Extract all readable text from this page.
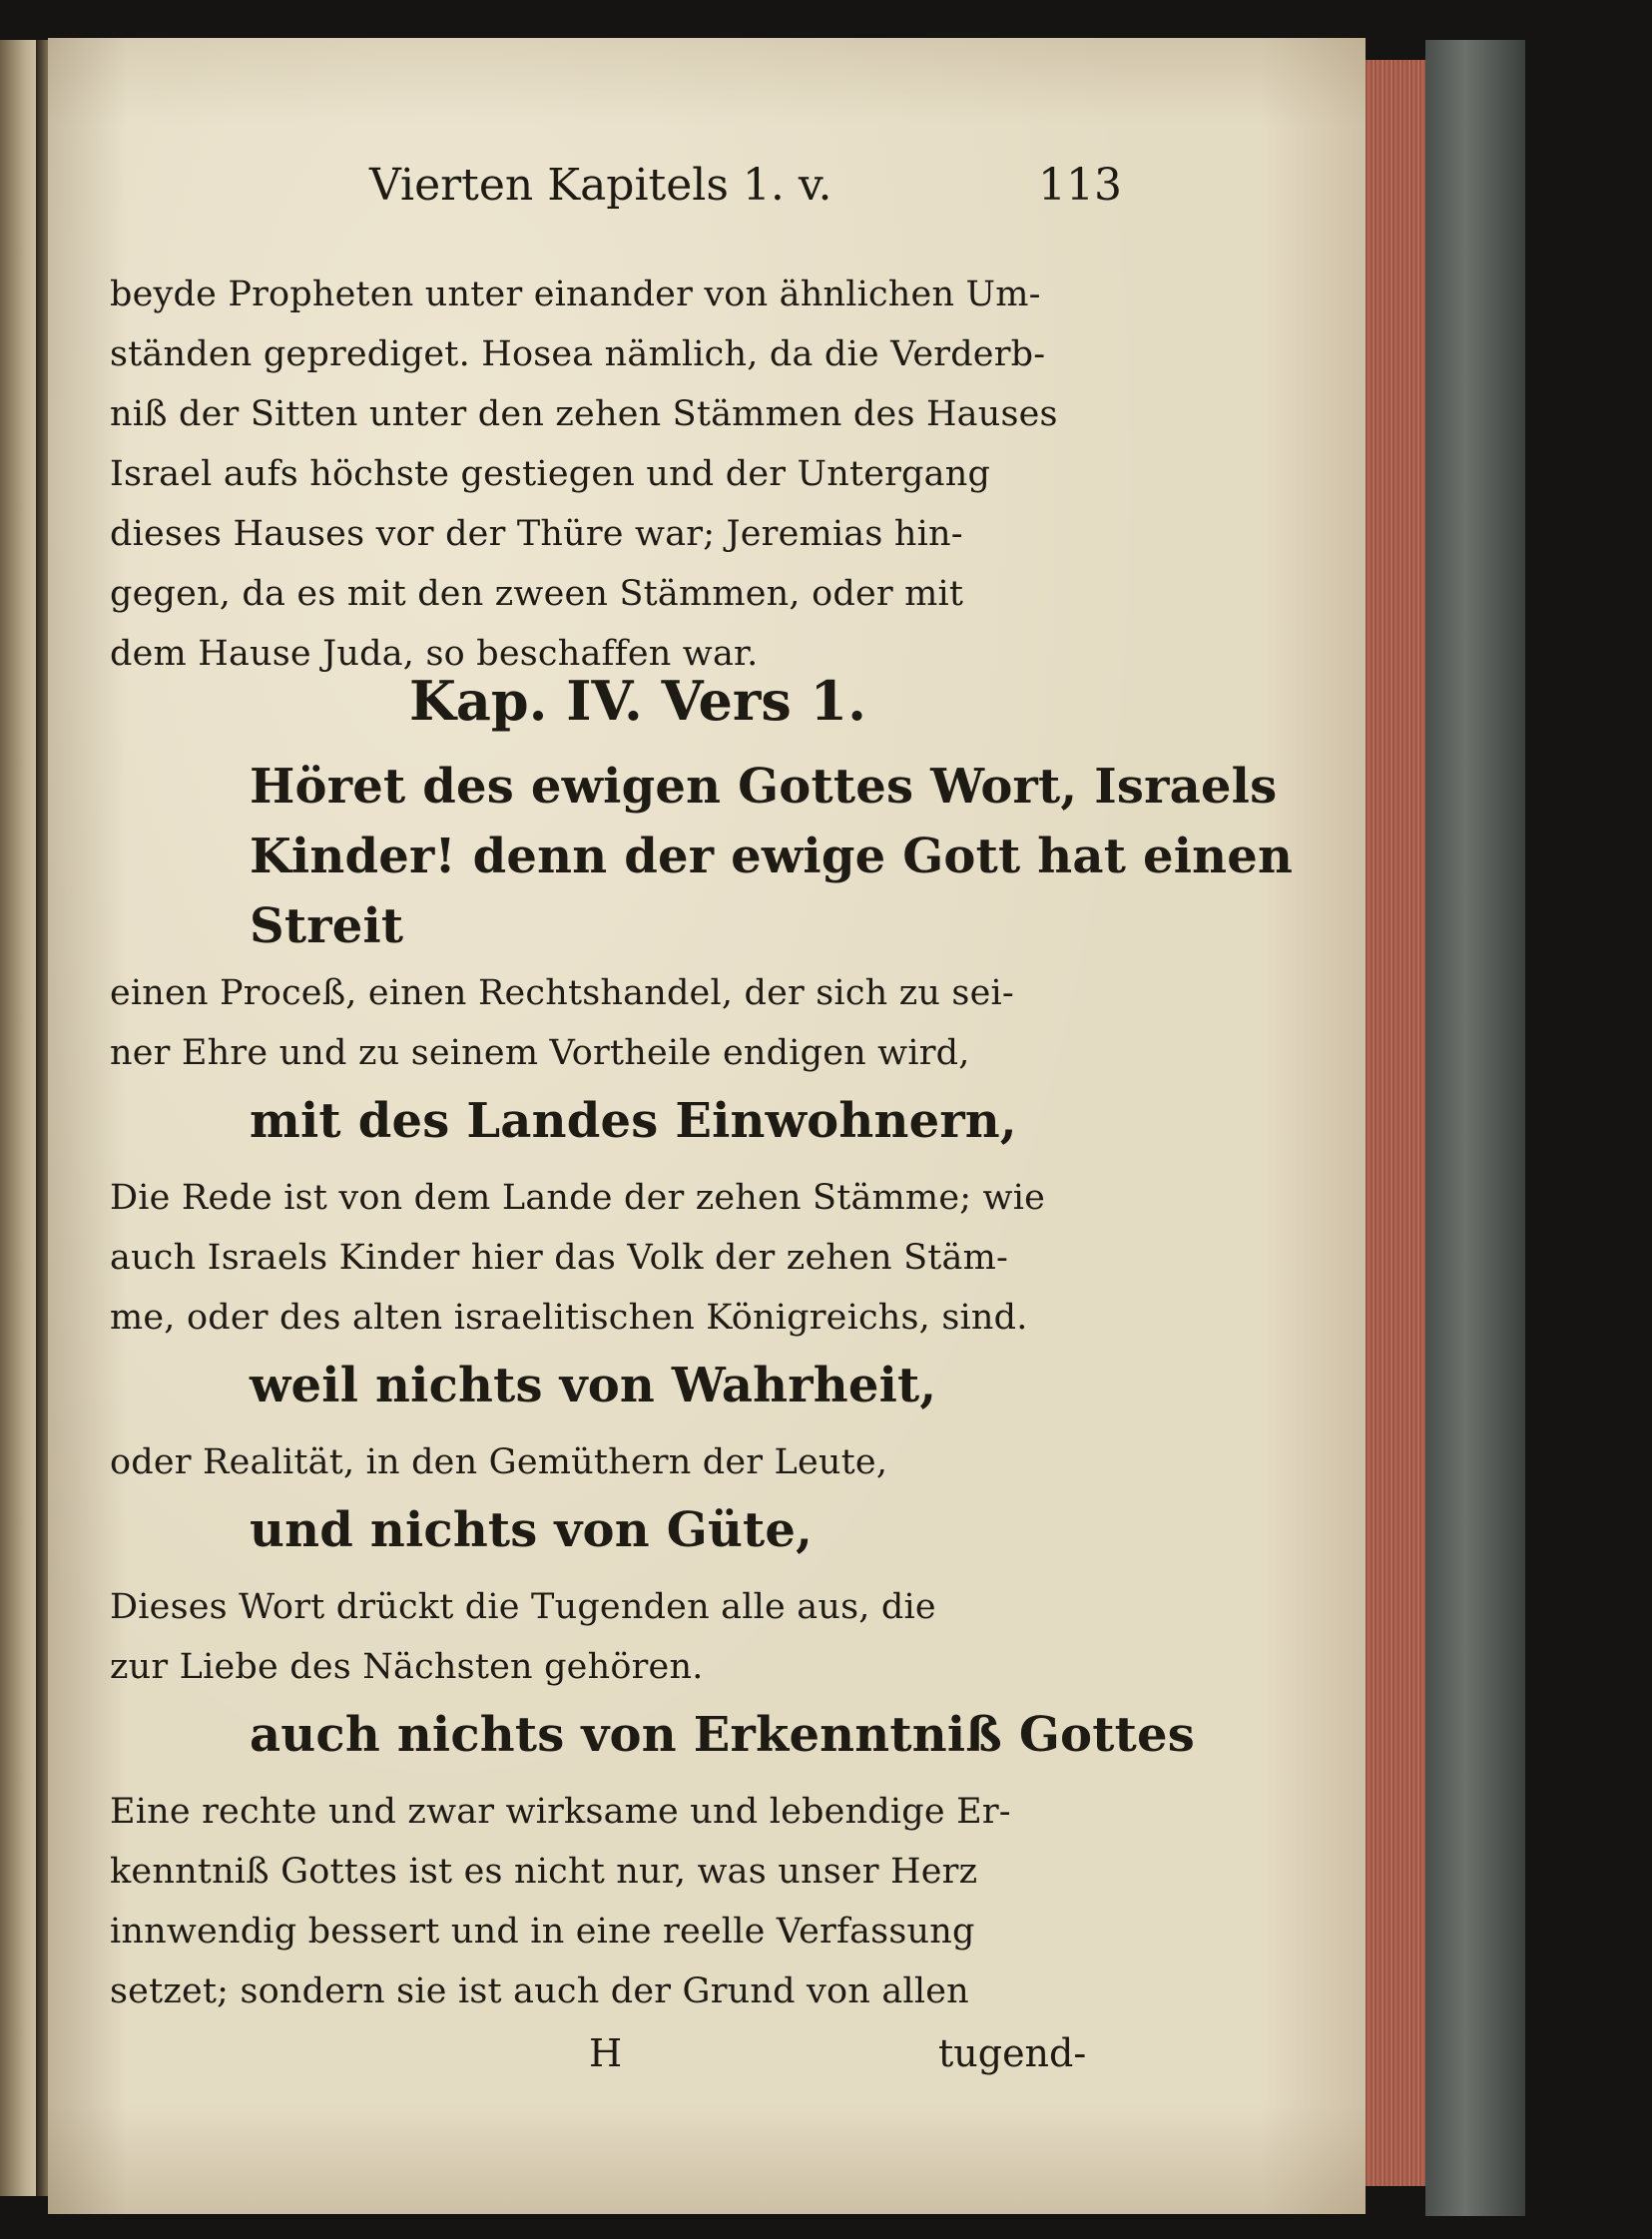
Vierten Kapitels 1. v.	113
beyde Propheten unter einander von ähnlichen Um-
ständen geprediget. Hosea nämlich, da die Verderb-
niß der Sitten unter den zehen Stämmen des Hauses
Israel aufs höchste gestiegen und der Untergang
dieses Hauses vor der Thüre war; Jeremias hin-
gegen, da es mit den zween Stämmen, oder mit
dem Hause Juda, so beschaffen war.
Kap. IV. Vers 1.
Höret des ewigen Gottes Wort, Israels
Kinder! denn der ewige Gott hat einen
Streit
einen Proceß, einen Rechtshandel, der sich zu sei-
ner Ehre und zu seinem Vortheile endigen wird,
mit des Landes Einwohnern,
Die Rede ist von dem Lande der zehen Stämme; wie
auch Israels Kinder hier das Volk der zehen Stäm-
me, oder des alten israelitischen Königreichs, sind.
weil nichts von Wahrheit,
oder Realität, in den Gemüthern der Leute,
und nichts von Güte,
Dieses Wort drückt die Tugenden alle aus, die
zur Liebe des Nächsten gehören.
auch nichts von Erkenntniß Gottes
Eine rechte und zwar wirksame und lebendige Er-
kenntniß Gottes ist es nicht nur, was unser Herz
innwendig bessert und in eine reelle Verfassung
setzet; sondern sie ist auch der Grund von allen
H	tugend-
